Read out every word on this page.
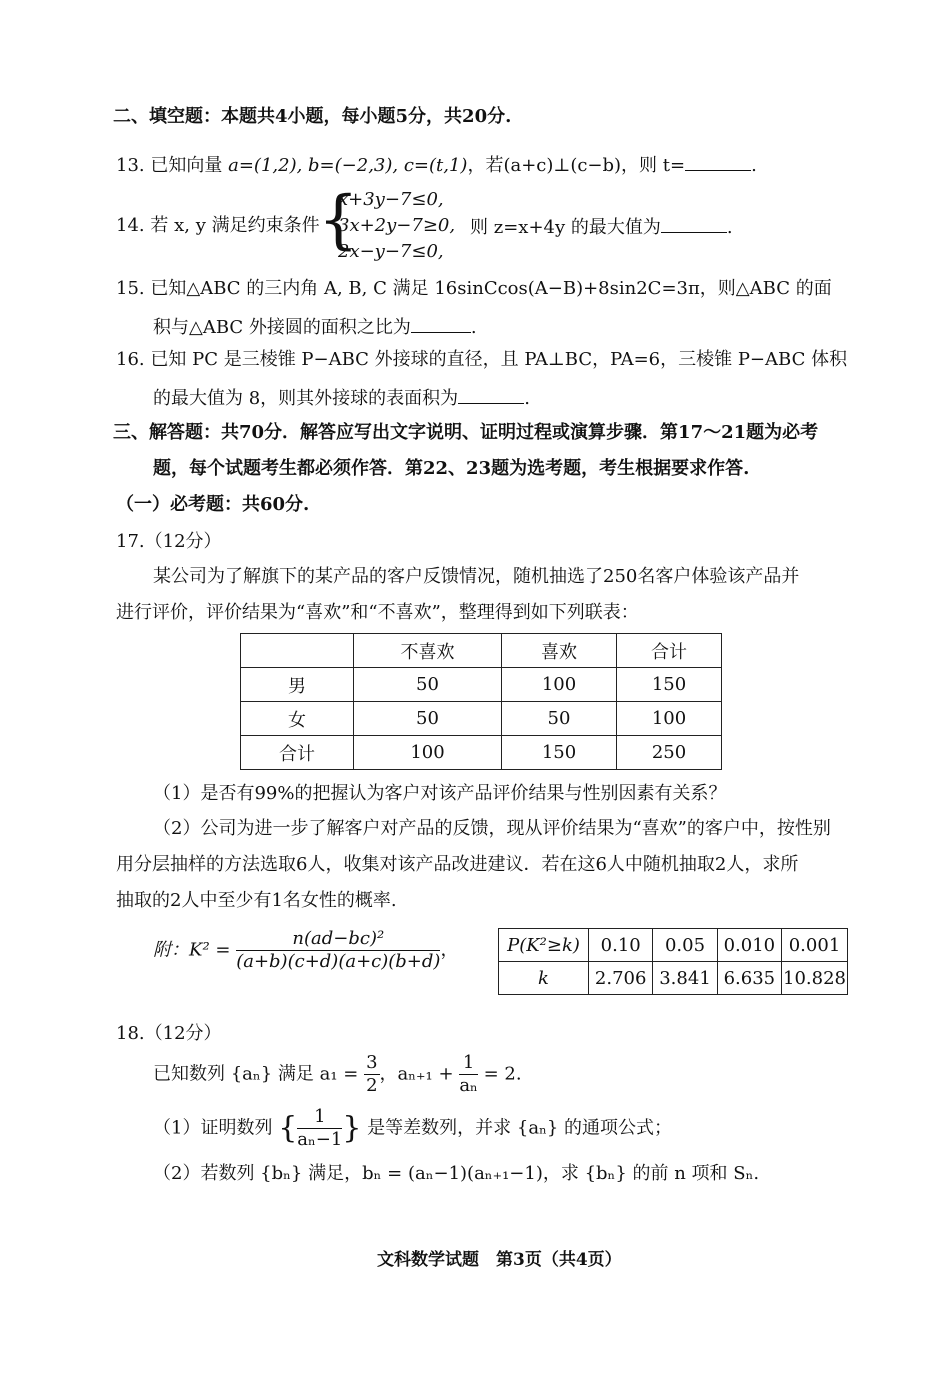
二、填空题：本题共4小题，每小题5分，共20分.
13. 已知向量 a=(1,2), b=(−2,3), c=(t,1)，若(a+c)⊥(c−b)，则 t=	.
14. 若 x, y 满足约束条件
{
x+3y−7≤0,
3x+2y−7≥0,
2x−y−7≤0,
则 z=x+4y 的最大值为	.
15. 已知△ABC 的三内角 A, B, C 满足 16sinCcos(A−B)+8sin2C=3π，则△ABC 的面
积与△ABC 外接圆的面积之比为	.
16. 已知 PC 是三棱锥 P−ABC 外接球的直径，且 PA⊥BC，PA=6，三棱锥 P−ABC 体积
的最大值为 8，则其外接球的表面积为	.
三、解答题：共70分．解答应写出文字说明、证明过程或演算步骤．第17～21题为必考
题，每个试题考生都必须作答．第22、23题为选考题，考生根据要求作答.
（一）必考题：共60分.
17.（12分）
某公司为了解旗下的某产品的客户反馈情况，随机抽选了250名客户体验该产品并
进行评价，评价结果为“喜欢”和“不喜欢”，整理得到如下列联表：
	不喜欢	喜欢	合计
男	50	100	150
女	50	50	100
合计	100	150	250
（1）是否有99%的把握认为客户对该产品评价结果与性别因素有关系？
（2）公司为进一步了解客户对产品的反馈，现从评价结果为“喜欢”的客户中，按性别
用分层抽样的方法选取6人，收集对该产品改进建议．若在这6人中随机抽取2人，求所
抽取的2人中至少有1名女性的概率.
附：$K^2 = \frac{\text{n(ad−bc)²}}{(a+b)(c+d)(a+c)(b+d)}$ ，	P(K²≥k)	0.10	0.05	0.010	0.001
k	2.706	3.841	6.635	10.828
18.（12分）
已知数列 {aₙ} 满足 $a_1 = \frac{3}{2}$ ，$a_{n+1} + \frac{1}{\text{aₙ}} = 2$.
（1）证明数列 { $\frac{1}{\text{aₙ−1}}$ } 是等差数列，并求 {aₙ} 的通项公式；
（2）若数列 {bₙ} 满足，bₙ = (aₙ−1)(aₙ₊₁−1)，求 {bₙ} 的前 n 项和 Sₙ.
文科数学试题　第3页（共4页）
